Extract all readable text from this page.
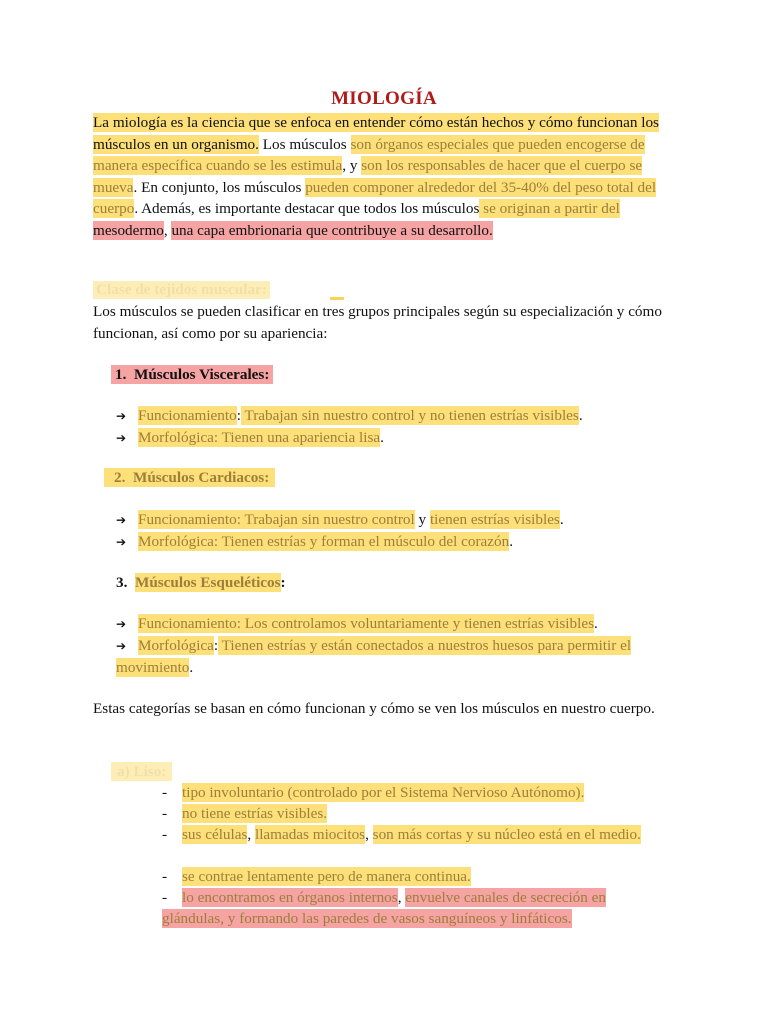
MIOLOGÍA
La miología es la ciencia que se enfoca en entender cómo están hechos y cómo funcionan los músculos en un organismo. Los músculos son órganos especiales que pueden encogerse de manera específica cuando se les estimula, y son los responsables de hacer que el cuerpo se mueva. En conjunto, los músculos pueden componer alrededor del 35-40% del peso total del cuerpo. Además, es importante destacar que todos los músculos se originan a partir del mesodermo, una capa embrionaria que contribuye a su desarrollo.
Clase de tejidos muscular:
Los músculos se pueden clasificar en tres grupos principales según su especialización y cómo funcionan, así como por su apariencia:
1. Músculos Viscerales:
➔ Funcionamiento: Trabajan sin nuestro control y no tienen estrías visibles.
➔ Morfológica: Tienen una apariencia lisa.
2. Músculos Cardiacos:
➔ Funcionamiento: Trabajan sin nuestro control y tienen estrías visibles.
➔ Morfológica: Tienen estrías y forman el músculo del corazón.
3. Músculos Esqueléticos:
➔ Funcionamiento: Los controlamos voluntariamente y tienen estrías visibles.
➔ Morfológica: Tienen estrías y están conectados a nuestros huesos para permitir el movimiento.
Estas categorías se basan en cómo funcionan y cómo se ven los músculos en nuestro cuerpo.
a) Liso:
- tipo involuntario (controlado por el Sistema Nervioso Autónomo).
- no tiene estrías visibles.
- sus células, llamadas miocitos, son más cortas y su núcleo está en el medio.
- se contrae lentamente pero de manera continua.
- lo encontramos en órganos internos, envuelve canales de secreción en glándulas, y formando las paredes de vasos sanguíneos y linfáticos.
